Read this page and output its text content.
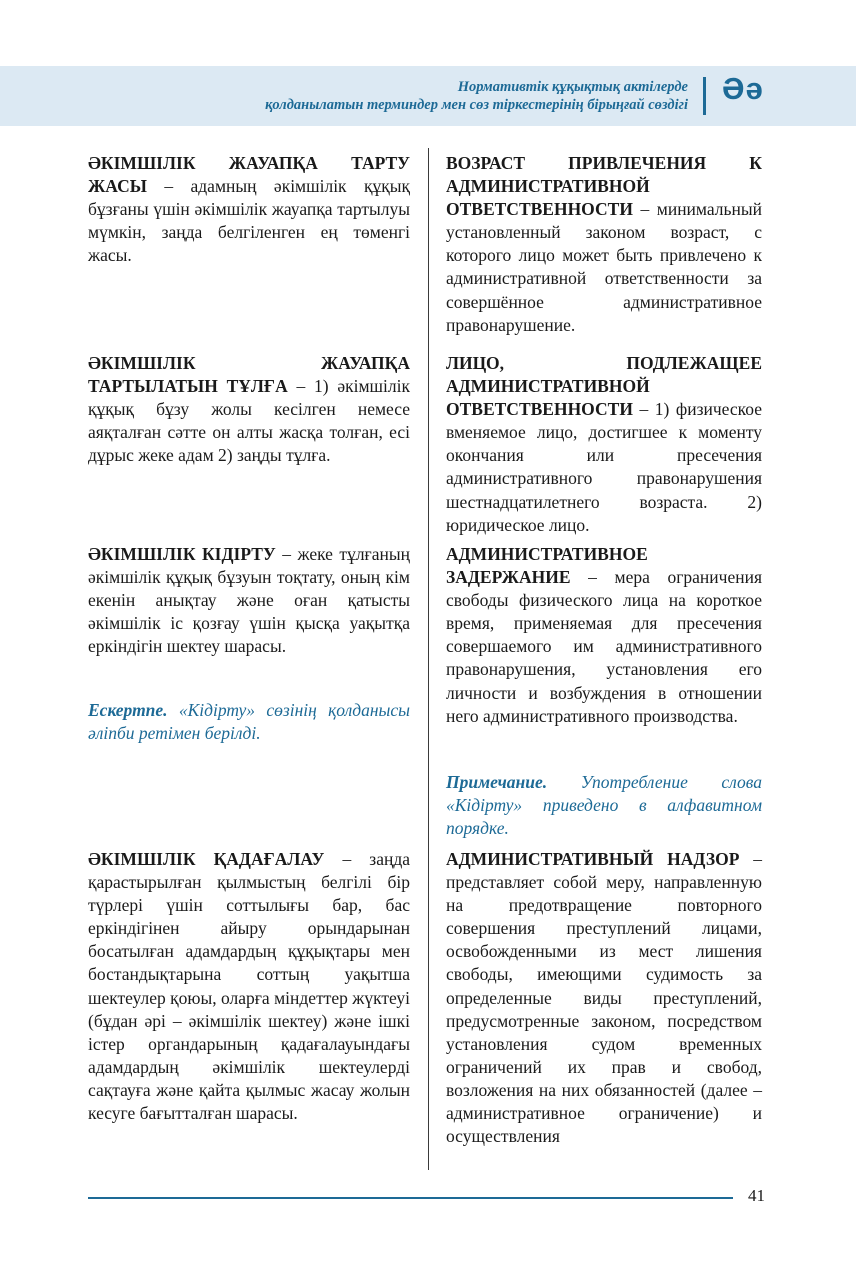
Нормативтік құқықтық актілерде
қолданылатын терминдер мен сөз тіркестерінің бірыңғай сөздігі Әә

ӘКІМШІЛІК ЖАУАПҚА ТАРТУ ЖАСЫ – адамның әкімшілік құқық бұзғаны үшін әкімшілік жауапқа тартылуы мүмкін, заңда белгіленген ең төменгі жасы.

ӘКІМШІЛІК ЖАУАПҚА ТАРТЫЛАТЫН ТҰЛҒА – 1) әкімшілік құқық бұзу жолы кесілген немесе аяқталған сәтте он алты жасқа толған, есі дұрыс жеке адам 2) заңды тұлға.

ӘКІМШІЛІК КІДІРТУ – жеке тұлғаның әкімшілік құқық бұзуын тоқтату, оның кім екенін анықтау және оған қатысты әкімшілік іс қозғау үшін қысқа уақытқа еркіндігін шектеу шарасы.

Ескертпе. «Кідірту» сөзінің қолданысы әліпби ретімен берілді.

ӘКІМШІЛІК ҚАДАҒАЛАУ – заңда қарастырылған қылмыстың белгілі бір түрлері үшін соттылығы бар, бас еркіндігінен айыру орындарынан босатылған адамдардың құқықтары мен бостандықтарына соттың уақытша шектеулер қоюы, оларға міндеттер жүктеуі (бұдан әрі – әкімшілік шектеу) және ішкі істер органдарының қадағалауындағы адамдардың әкімшілік шектеулерді сақтауға және қайта қылмыс жасау жолын кесуге бағытталған шарасы.

ВОЗРАСТ ПРИВЛЕЧЕНИЯ К АДМИНИСТРАТИВНОЙ ОТВЕТСТВЕННОСТИ – минимальный установленный законом возраст, с которого лицо может быть привлечено к административной ответственности за совершённое административное правонарушение.

ЛИЦО, ПОДЛЕЖАЩЕЕ АДМИНИСТРАТИВНОЙ ОТВЕТСТВЕННОСТИ – 1) физическое вменяемое лицо, достигшее к моменту окончания или пресечения административного правонарушения шестнадцатилетнего возраста. 2) юридическое лицо.

АДМИНИСТРАТИВНОЕ ЗАДЕРЖАНИЕ – мера ограничения свободы физического лица на короткое время, применяемая для пресечения совершаемого им административного правонарушения, установления его личности и возбуждения в отношении него административного производства.

Примечание. Употребление слова «Кідірту» приведено в алфавитном порядке.

АДМИНИСТРАТИВНЫЙ НАДЗОР – представляет собой меру, направленную на предотвращение повторного совершения преступлений лицами, освобожденными из мест лишения свободы, имеющими судимость за определенные виды преступлений, предусмотренные законом, посредством установления судом временных ограничений их прав и свобод, возложения на них обязанностей (далее – административное ограничение) и осуществления

41
